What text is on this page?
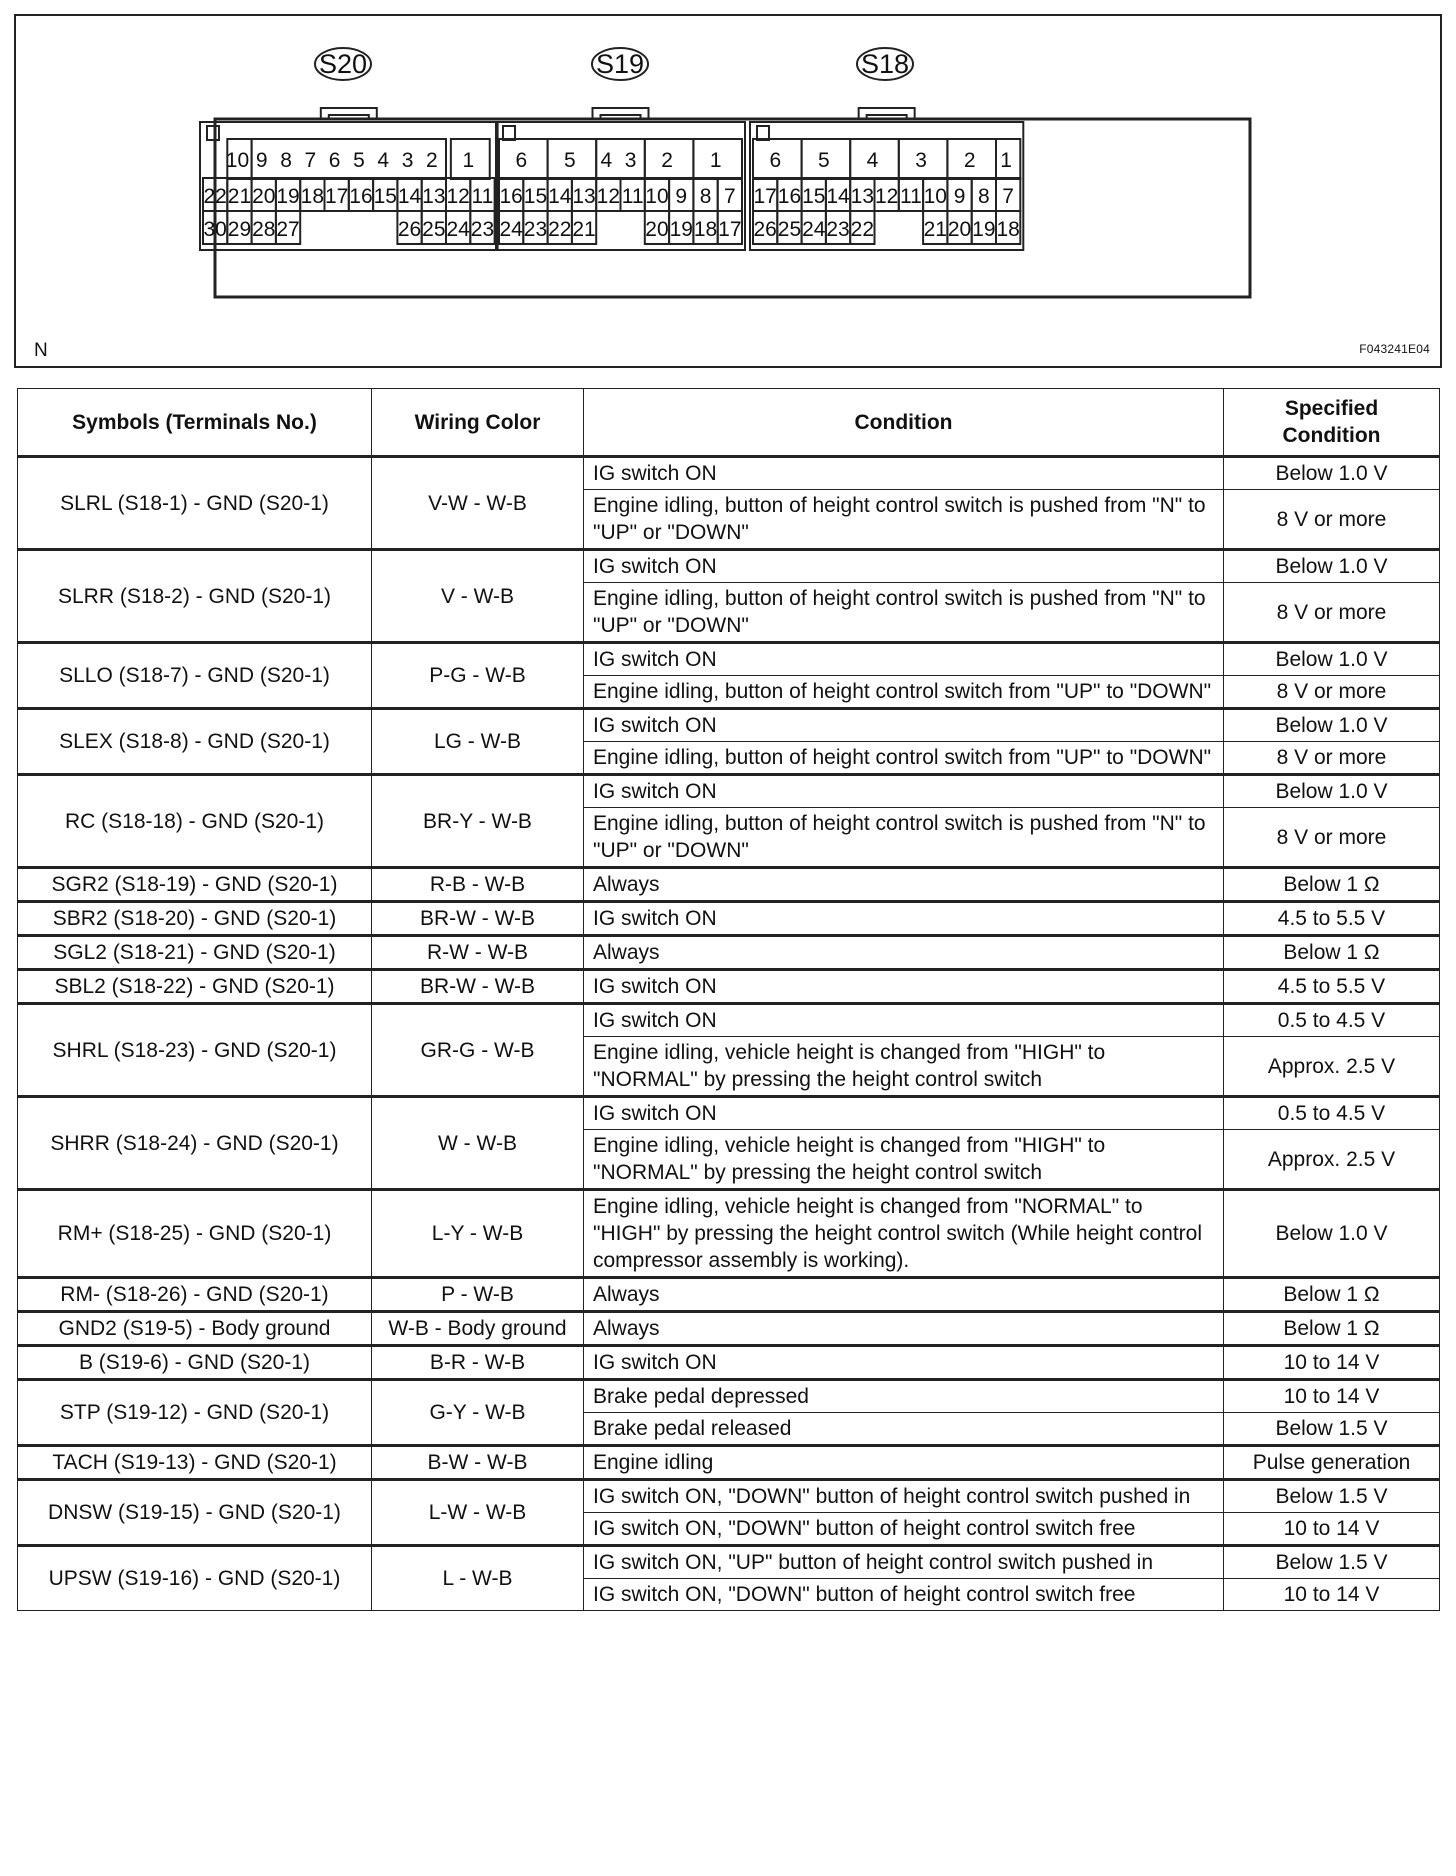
S20
10 9 8 7 6 5 4 3 2 1
22 21 20 19 18 17 16 15 14 13 12 11
30 29 28 27	26 25 24 23
S19
6 5 4 3 2 1
16 15 14 13 12 11 10 9 8 7
24 23 22 21 20 19 18 17
S18
6 5 4 3 2 1
17 16 15 14 13 12 11 10 9 8 7
26 25 24 23 22 21 20 19 18
N	F043241E04
Symbols (Terminals No.)	Wiring Color	Condition	Specified Condition
SLRL (S18-1) - GND (S20-1)	V-W - W-B	IG switch ON	Below 1.0 V
		Engine idling, button of height control switch is pushed from "N" to "UP" or "DOWN"	8 V or more
SLRR (S18-2) - GND (S20-1)	V - W-B	IG switch ON	Below 1.0 V
		Engine idling, button of height control switch is pushed from "N" to "UP" or "DOWN"	8 V or more
SLLO (S18-7) - GND (S20-1)	P-G - W-B	IG switch ON	Below 1.0 V
		Engine idling, button of height control switch from "UP" to "DOWN"	8 V or more
SLEX (S18-8) - GND (S20-1)	LG - W-B	IG switch ON	Below 1.0 V
		Engine idling, button of height control switch from "UP" to "DOWN"	8 V or more
RC (S18-18) - GND (S20-1)	BR-Y - W-B	IG switch ON	Below 1.0 V
		Engine idling, button of height control switch is pushed from "N" to "UP" or "DOWN"	8 V or more
SGR2 (S18-19) - GND (S20-1)	R-B - W-B	Always	Below 1 Ω
SBR2 (S18-20) - GND (S20-1)	BR-W - W-B	IG switch ON	4.5 to 5.5 V
SGL2 (S18-21) - GND (S20-1)	R-W - W-B	Always	Below 1 Ω
SBL2 (S18-22) - GND (S20-1)	BR-W - W-B	IG switch ON	4.5 to 5.5 V
SHRL (S18-23) - GND (S20-1)	GR-G - W-B	IG switch ON	0.5 to 4.5 V
		Engine idling, vehicle height is changed from "HIGH" to "NORMAL" by pressing the height control switch	Approx. 2.5 V
SHRR (S18-24) - GND (S20-1)	W - W-B	IG switch ON	0.5 to 4.5 V
		Engine idling, vehicle height is changed from "HIGH" to "NORMAL" by pressing the height control switch	Approx. 2.5 V
RM+ (S18-25) - GND (S20-1)	L-Y - W-B	Engine idling, vehicle height is changed from "NORMAL" to "HIGH" by pressing the height control switch (While height control compressor assembly is working).	Below 1.0 V
RM- (S18-26) - GND (S20-1)	P - W-B	Always	Below 1 Ω
GND2 (S19-5) - Body ground	W-B - Body ground	Always	Below 1 Ω
B (S19-6) - GND (S20-1)	B-R - W-B	IG switch ON	10 to 14 V
STP (S19-12) - GND (S20-1)	G-Y - W-B	Brake pedal depressed	10 to 14 V
		Brake pedal released	Below 1.5 V
TACH (S19-13) - GND (S20-1)	B-W - W-B	Engine idling	Pulse generation
DNSW (S19-15) - GND (S20-1)	L-W - W-B	IG switch ON, "DOWN" button of height control switch pushed in	Below 1.5 V
		IG switch ON, "DOWN" button of height control switch free	10 to 14 V
UPSW (S19-16) - GND (S20-1)	L - W-B	IG switch ON, "UP" button of height control switch pushed in	Below 1.5 V
		IG switch ON, "DOWN" button of height control switch free	10 to 14 V
